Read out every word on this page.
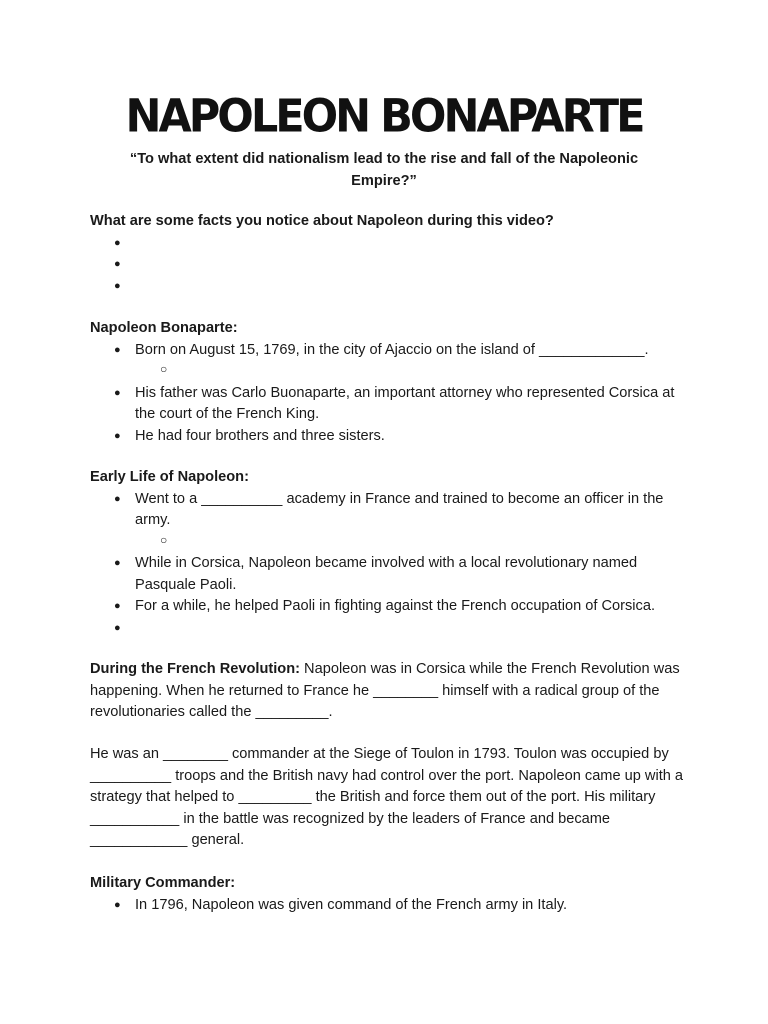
NAPOLEON BONAPARTE
“To what extent did nationalism lead to the rise and fall of the Napoleonic Empire?”
What are some facts you notice about Napoleon during this video?
●
●
●
Napoleon Bonaparte:
● Born on August 15, 1769, in the city of Ajaccio on the island of _____________.
○
● His father was Carlo Buonaparte, an important attorney who represented Corsica at the court of the French King.
● He had four brothers and three sisters.
Early Life of Napoleon:
● Went to a __________ academy in France and trained to become an officer in the army.
○
● While in Corsica, Napoleon became involved with a local revolutionary named Pasquale Paoli.
● For a while, he helped Paoli in fighting against the French occupation of Corsica.
●

During the French Revolution: Napoleon was in Corsica while the French Revolution was happening. When he returned to France he ________ himself with a radical group of the revolutionaries called the _________.

He was an ________ commander at the Siege of Toulon in 1793. Toulon was occupied by __________ troops and the British navy had control over the port. Napoleon came up with a strategy that helped to _________ the British and force them out of the port. His military ___________ in the battle was recognized by the leaders of France and became ____________ general.

Military Commander:
● In 1796, Napoleon was given command of the French army in Italy.
